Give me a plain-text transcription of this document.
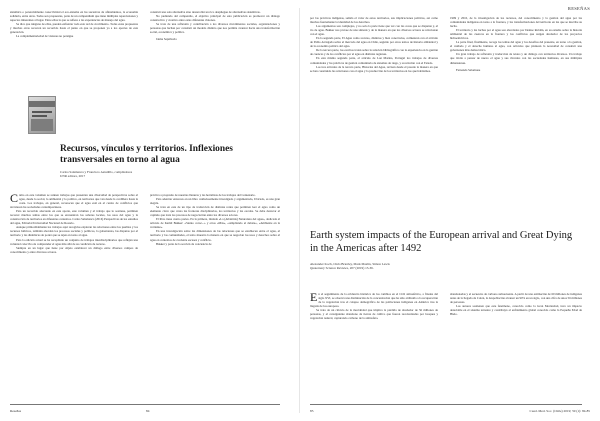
sistémica o potencialmente conectividad el eco-sistema en las sucesivas de afinamientos, la economía solidaria, entre otras. Todas son propuestas, parte de un compendium que tiene múltiples repercusiones y aspectos inherentes al lugar. Entre ellas la que se refiere a las experiencias de manejo del agua.

Se dice que ninguna de ellas, pueden enfrentar toda esta red de crecimiento. Todas estas propuestas y muchas otras recorren un recorrido hasta el punto en que se proponen ya a los aportes de esta generación.

La complementariedad de visiones no persigue

construir una sola alternativa sino desarrollar un rico despliegue de alternativas sistémicas.

No pudiendo del compendio, el objetivo principal de esta publicación es promover un diálogo constructivo y creativo entre estas diferentes visiones.

Se trata de una reflexión y contribución a los diversos movimientos sociales, organizaciones y personas que luchan por construir un modelo distinto que nos permita avanzar hacia una transformación social, económica y política.

Jaime Sepúlveda

Recursos, vínculos y territorios. Inflexiones transversales en torno al agua
Carlos Salamanca y Francisco Astudillo, compiladores
UNR editora, 2017

Cómo en este volumen se reúnen trabajos que presentan una diversidad de perspectivas sobre el agua, desde lo social, lo ambiental y lo político, en territorios que van desde la cordillera hasta la costa. Los trabajos, en general, reconocen que el agua está en el centro de conflictos que atraviesan las sociedades contemporáneas.

Para un recorrido adecuado en este aporte, este volumen y el trabajo que lo sostiene, permiten recorrer muchos temas entre los que se encuentran los saberes locales, los usos del agua y la construcción de territorios en diferentes contextos. Carlos Salamanca (2016) Perspectivas de los estudios del agua, Editorial Universidad Nacional de Rosario.

Aunque primordialmente los trabajos aquí recogidos exploran las relaciones entre los pueblos y los recursos hídricos, también abordan los procesos sociales y políticos, la gobernanza, las disputas por el territorio y las dinámicas de poder que se tejen en torno al agua.

Para la edición actual se ha recopilado un conjunto de trabajos interdisciplinarios que reflejan una voluntad colectiva de comprender el agua más allá de su condición de recurso.

Siempre en un lugar que tiene por objeto establecer un diálogo entre diversos campos de conocimiento y entre diversos actores.

práctica a propósito de nuestras llanuras y las hortalizas de los trabajos del Centenario.

Para adentrar entonces en un libro cuidadosamente investigado y argumentado, Ubicado, es una gran alegría.

Se trata en este de un tipo de traducción de distintas redes que permiten leer el agua como un elemento clave que cruza las fronteras disciplinarias, los territorios y las escalas. Se debe destacar el capítulo que trata los procesos de negociación entre los diversos actores.

El libro tiene cuatro partes. En la primera, titulada «La (Atlántida) Naturaleza del agua», dedicada al artículo de Kamil Bakker: «Siento coraz...» y otros «Más», «Ampliando el debate», «Ambiente en la vertiente».

En una investigación sobre las dimensiones de las relaciones que se establecen entre el agua, el territorio y las comunidades, el texto muestra la manera en que se negocian los usos y derechos sobre el agua en contextos de creciente escasez y conflicto.

Bakker y parte de la sección de conciencia de

Reseñas	84
RESEÑAS

por las prácticas indígenas, señala el valor de estos territorios, sus implicaciones políticas, así como muchos fuertemente la identidad de los derechos.

Los argumentos son complejos, y no solo la parte tiene que ver con las cosas que se disputan y, el río de agua. Bakker nos provee de una síntesis y de la manera en que los diversos actores se relacionan con el agua.

En la segunda parte, El Agua como recurso, distintos y bien conectados, comienzan con el artículo de Pablo Arriagada sobre el mercado del agua en Chile, seguido por otros textos de historia ambiental y de la economía política del agua.

De la tercera parte, los escritos tratan sobre la relación bibliográfica con la experiencia en la gestión de cuencas y de los conflictos por el agua en distintas regiones.

En esta misma segunda parte, el artículo de Luz Marina, Portugal los trabajos de diversas comunidades y las prácticas de gestión comunitaria de sistemas de riego, y su relación con el Estado.

Los tres artículos de la tercera parte, Historias del Agua, revisan desde el pasado la manera en que se han construido las relaciones con el agua y la producción de los territorios en los que habitamos.

1999 y 2010, de la investigación de los recursos, del conocimiento y la gestión del agua por las comunidades indígenas en torno a la frontera, y las transformaciones del territorio en las que se inscribe su lucha.

El territorio y las luchas por el agua son abordados por Denise Roldán, en su estudio sobre la historia ambiental de las cuencas en la frontera y los conflictos que surgen alrededor de los proyectos hidroeléctricos.

La parte final, finalmente, recoge los temas del agua y los desafíos del presente, en torno a la gestión, el cuidado y el derecho humano al agua, con artículos que plantean la necesidad de construir una gobernanza más democrática.

Un gran trabajo de reflexión y traducción de textos y un diálogo con territorios diversos. Un trabajo que invita a pensar de nuevo el agua y sus vínculos con las sociedades humanas, en sus múltiples dimensiones.

Fernanda Salomone

Earth system impacts of the European arrival and Great Dying in the Americas after 1492
Alexander Koch, Chris Brierley, Mark Maslin, Simon Lewis
Quaternary Science Reviews, 207 (2019) 13-36.

En el seguimiento de la evidencia histórica de los cambios en el CO2 atmosférico, a finales del siglo XVI, se observa una disminución de la concentración que ha sido atribuida a la recuperación de la vegetación tras el colapso demográfico de las poblaciones indígenas en América tras la llegada de los europeos.

Se trata de un cálculo de la mortalidad que implica la pérdida de alrededor de 56 millones de personas, y el consiguiente abandono de tierras de cultivo que fueron recolonizadas por bosques y vegetación natural, capturando carbono de la atmósfera.

abandonadas y el secuestro de carbono subsecuente. A partir de una estimación de 60 millones de indígenas antes de la llegada de Colón, la despoblación alcanzó un 90% en un siglo, con una cifra de unos 56 millones de personas.

Los autores sostienen que este fenómeno, conocido como la Gran Mortandad, tuvo un impacto detectable en el sistema terrestre y contribuyó al enfriamiento global conocido como la Pequeña Edad de Hielo.

85	Cuad. Med. Soc. (Chile) 2019; 59 (1): 84-85
